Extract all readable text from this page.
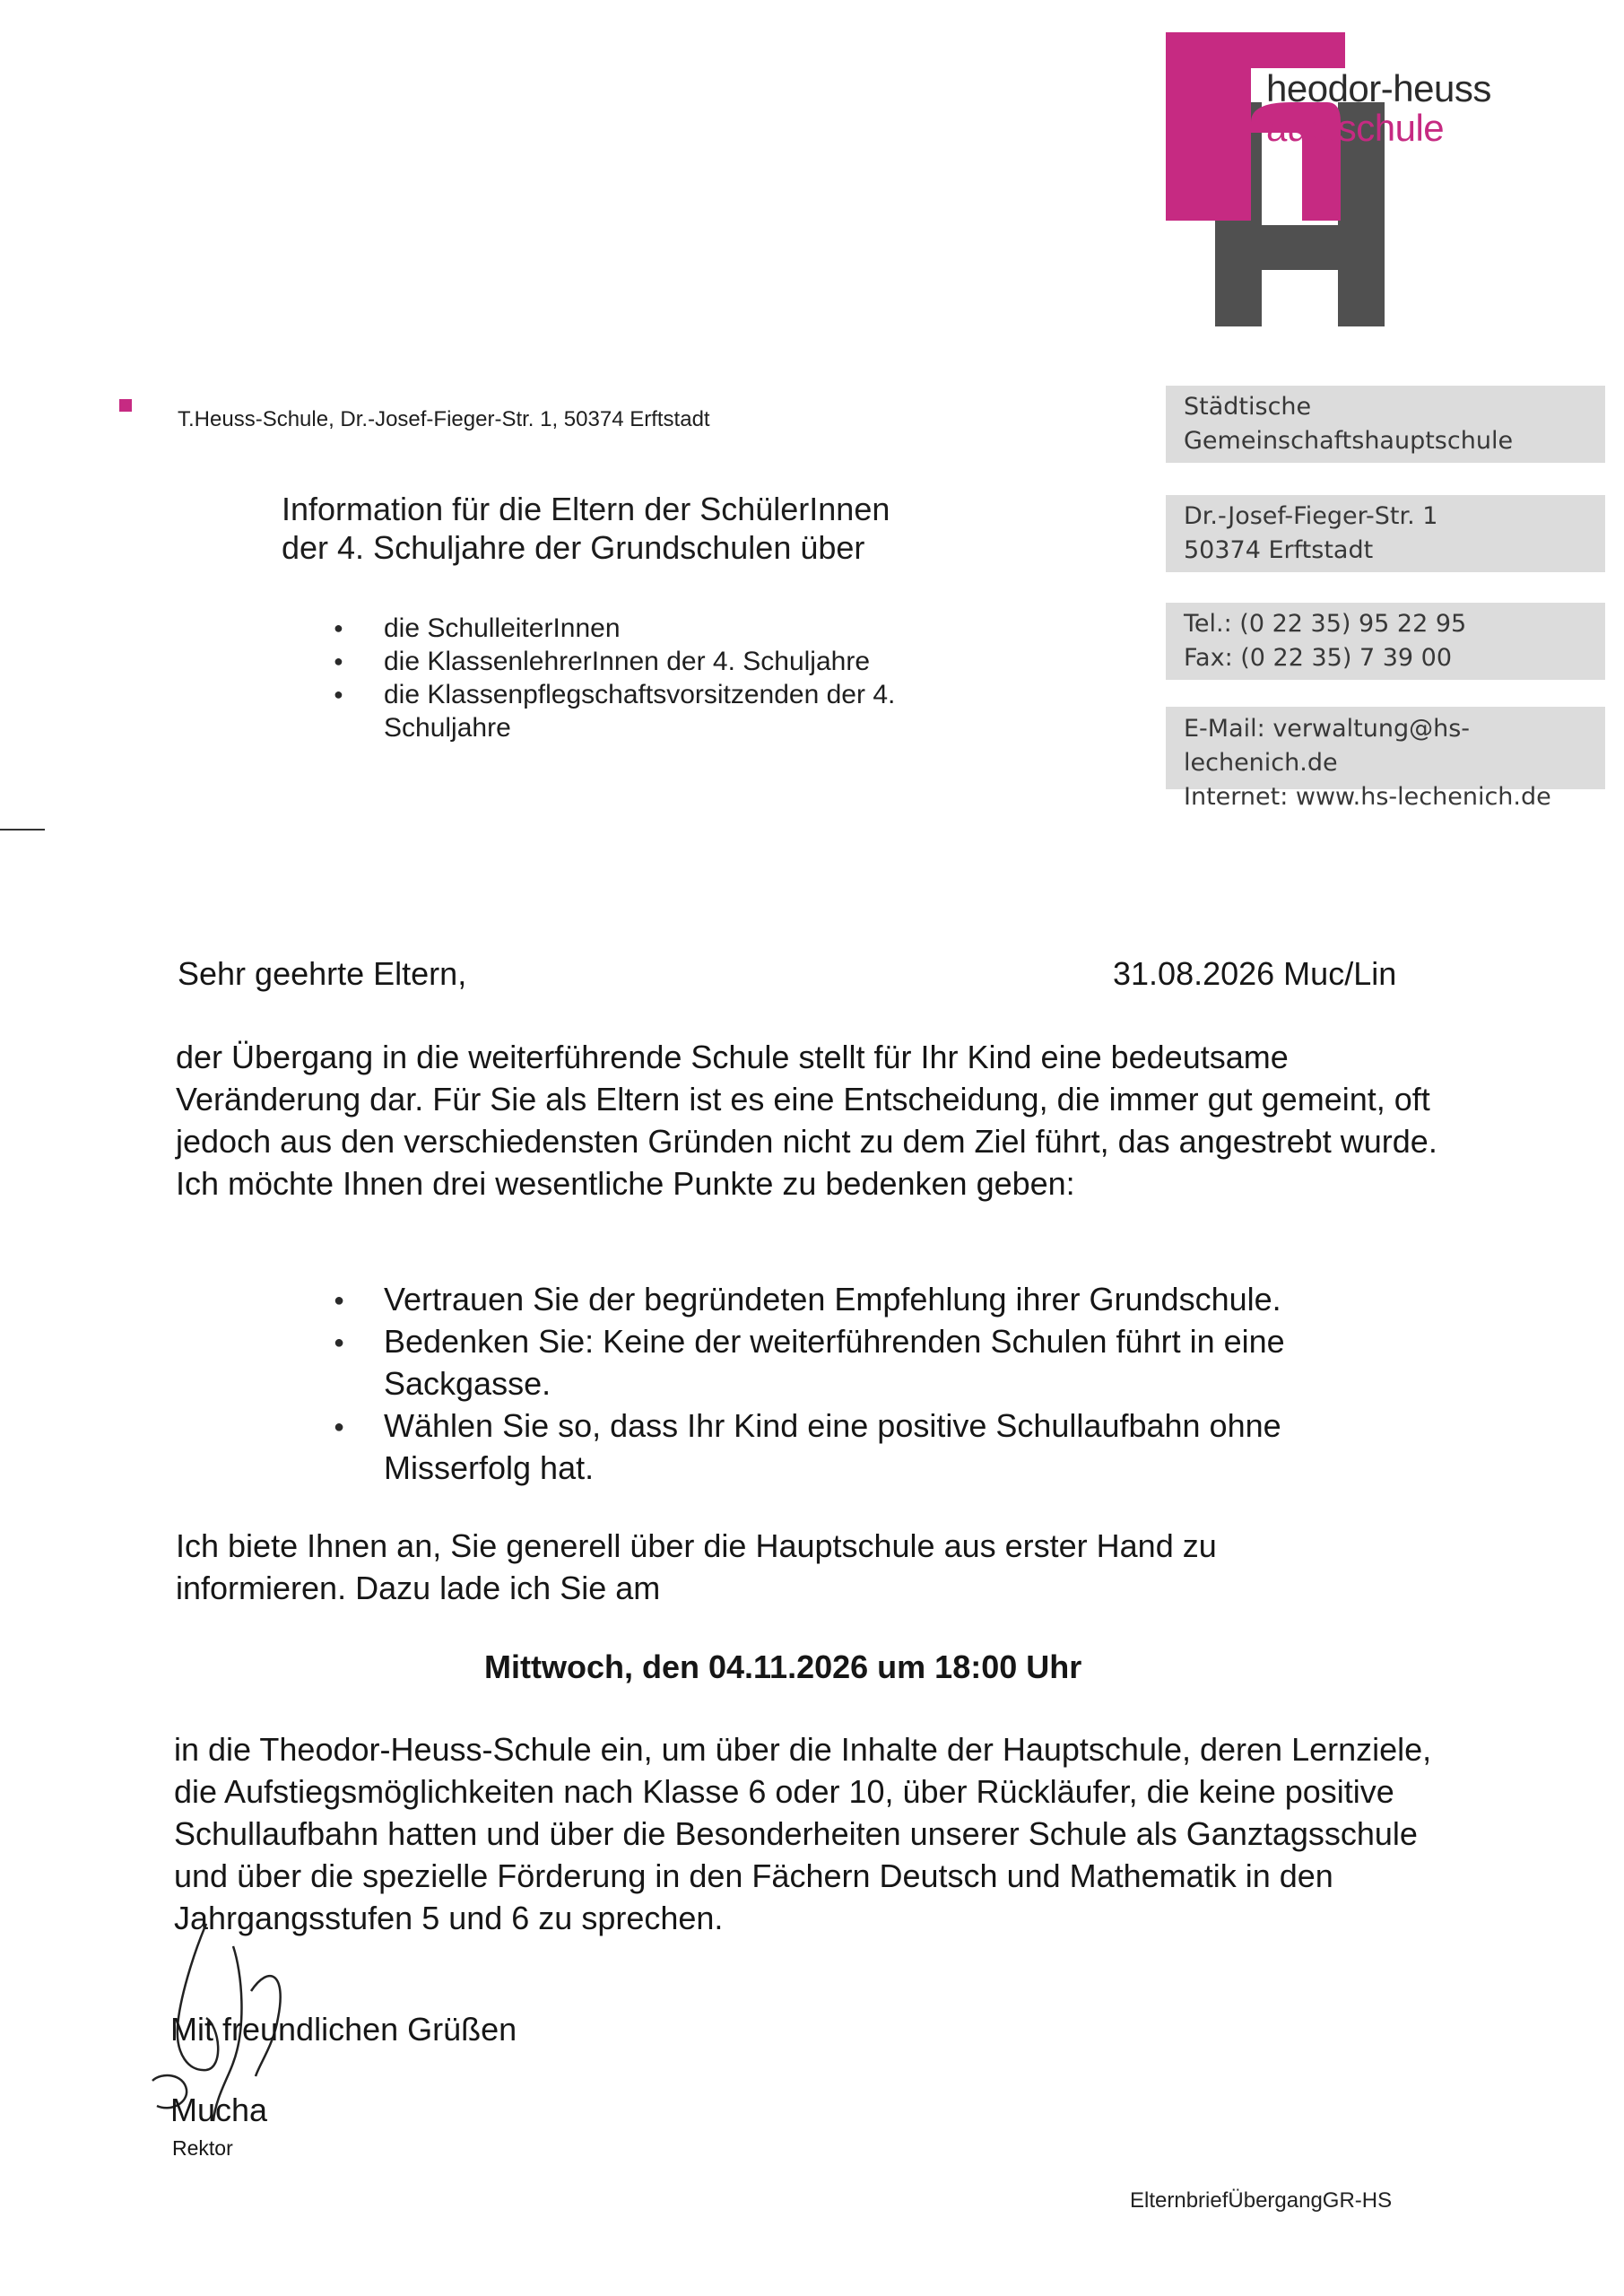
heodor-heuss
auptschule
T.Heuss-Schule, Dr.-Josef-Fieger-Str. 1, 50374 Erftstadt	Städtische
Gemeinschaftshauptschule
Dr.-Josef-Fieger-Str. 1
50374 Erftstadt
Tel.: (0 22 35) 95 22 95
Fax: (0 22 35) 7 39 00
E-Mail: verwaltung@hs-lechenich.de
Internet: www.hs-lechenich.de
Information für die Eltern der SchülerInnen
der 4. Schuljahre der Grundschulen über
● die SchulleiterInnen
● die KlassenlehrerInnen der 4. Schuljahre
● die Klassenpflegschaftsvorsitzenden der 4. Schuljahre
Sehr geehrte Eltern,	31.08.2026 Muc/Lin
der Übergang in die weiterführende Schule stellt für Ihr Kind eine bedeutsame Veränderung dar. Für Sie als Eltern ist es eine Entscheidung, die immer gut gemeint, oft jedoch aus den verschiedensten Gründen nicht zu dem Ziel führt, das angestrebt wurde. Ich möchte Ihnen drei wesentliche Punkte zu bedenken geben:
● Vertrauen Sie der begründeten Empfehlung ihrer Grundschule.
● Bedenken Sie: Keine der weiterführenden Schulen führt in eine Sackgasse.
● Wählen Sie so, dass Ihr Kind eine positive Schullaufbahn ohne Misserfolg hat.
Ich biete Ihnen an, Sie generell über die Hauptschule aus erster Hand zu informieren. Dazu lade ich Sie am
Mittwoch, den 04.11.2026 um 18:00 Uhr
in die Theodor-Heuss-Schule ein, um über die Inhalte der Hauptschule, deren Lernziele, die Aufstiegsmöglichkeiten nach Klasse 6 oder 10, über Rückläufer, die keine positive Schullaufbahn hatten und über die Besonderheiten unserer Schule als Ganztagsschule und über die spezielle Förderung in den Fächern Deutsch und Mathematik in den Jahrgangsstufen 5 und 6 zu sprechen.
Mit freundlichen Grüßen
Mucha
Rektor
ElternbriefÜbergangGR-HS
